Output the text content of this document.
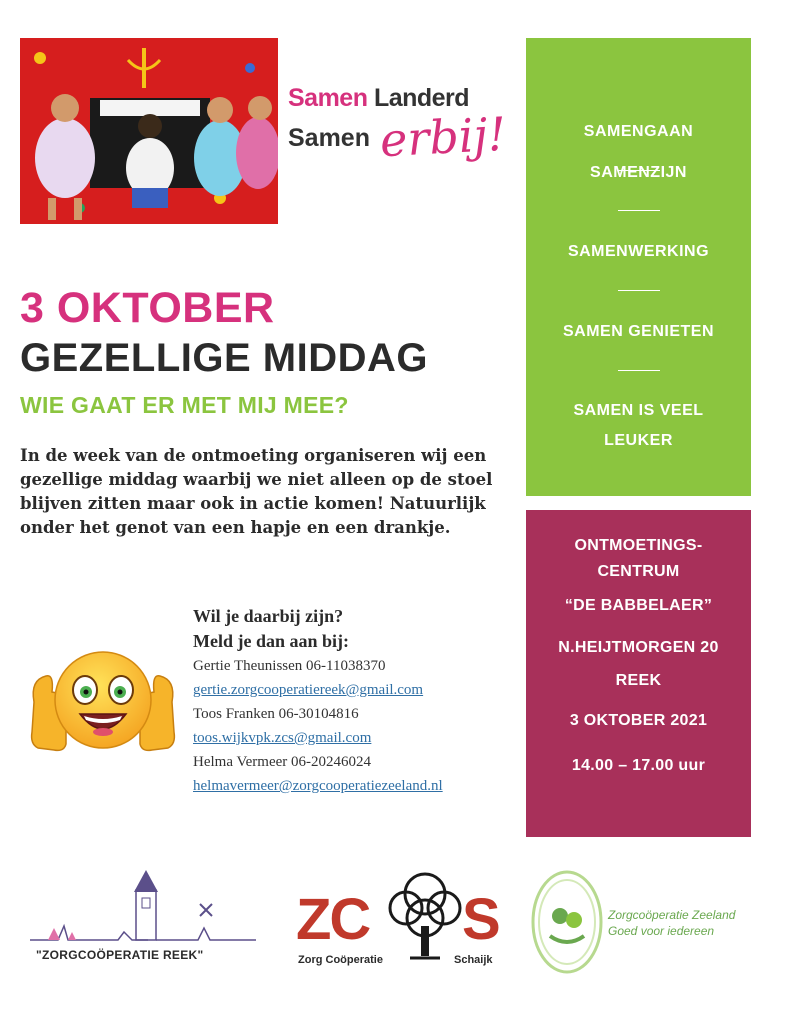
Samen Landerd
Samen erbij!
3 OKTOBER
GEZELLIGE MIDDAG
WIE GAAT ER MET MIJ MEE?

In de week van de ontmoeting organiseren wij een gezellige middag waarbij we niet alleen op de stoel blijven zitten maar ook in actie komen! Natuurlijk onder het genot van een hapje en een drankje.

Wil je daarbij zijn?
Meld je dan aan bij:
Gertie Theunissen 06-11038370
gertie.zorgcooperatiereek@gmail.com
Toos Franken 06-30104816
toos.wijkvpk.zcs@gmail.com
Helma Vermeer 06-20246024
helmavermeer@zorgcooperatiezeeland.nl
SAMENGAAN
SAMENZIJN
SAMENWERKING
SAMEN GENIETEN
SAMEN IS VEEL
LEUKER
ONTMOETINGS-
CENTRUM
“DE BABBELAER”
N.HEIJTMORGEN 20
REEK
3 OKTOBER 2021
14.00 – 17.00 uur
"ZORGCOÖPERATIE REEK"
ZC S
Zorg Coöperatie	Schaijk
Zorgcoöperatie Zeeland
Goed voor iedereen
